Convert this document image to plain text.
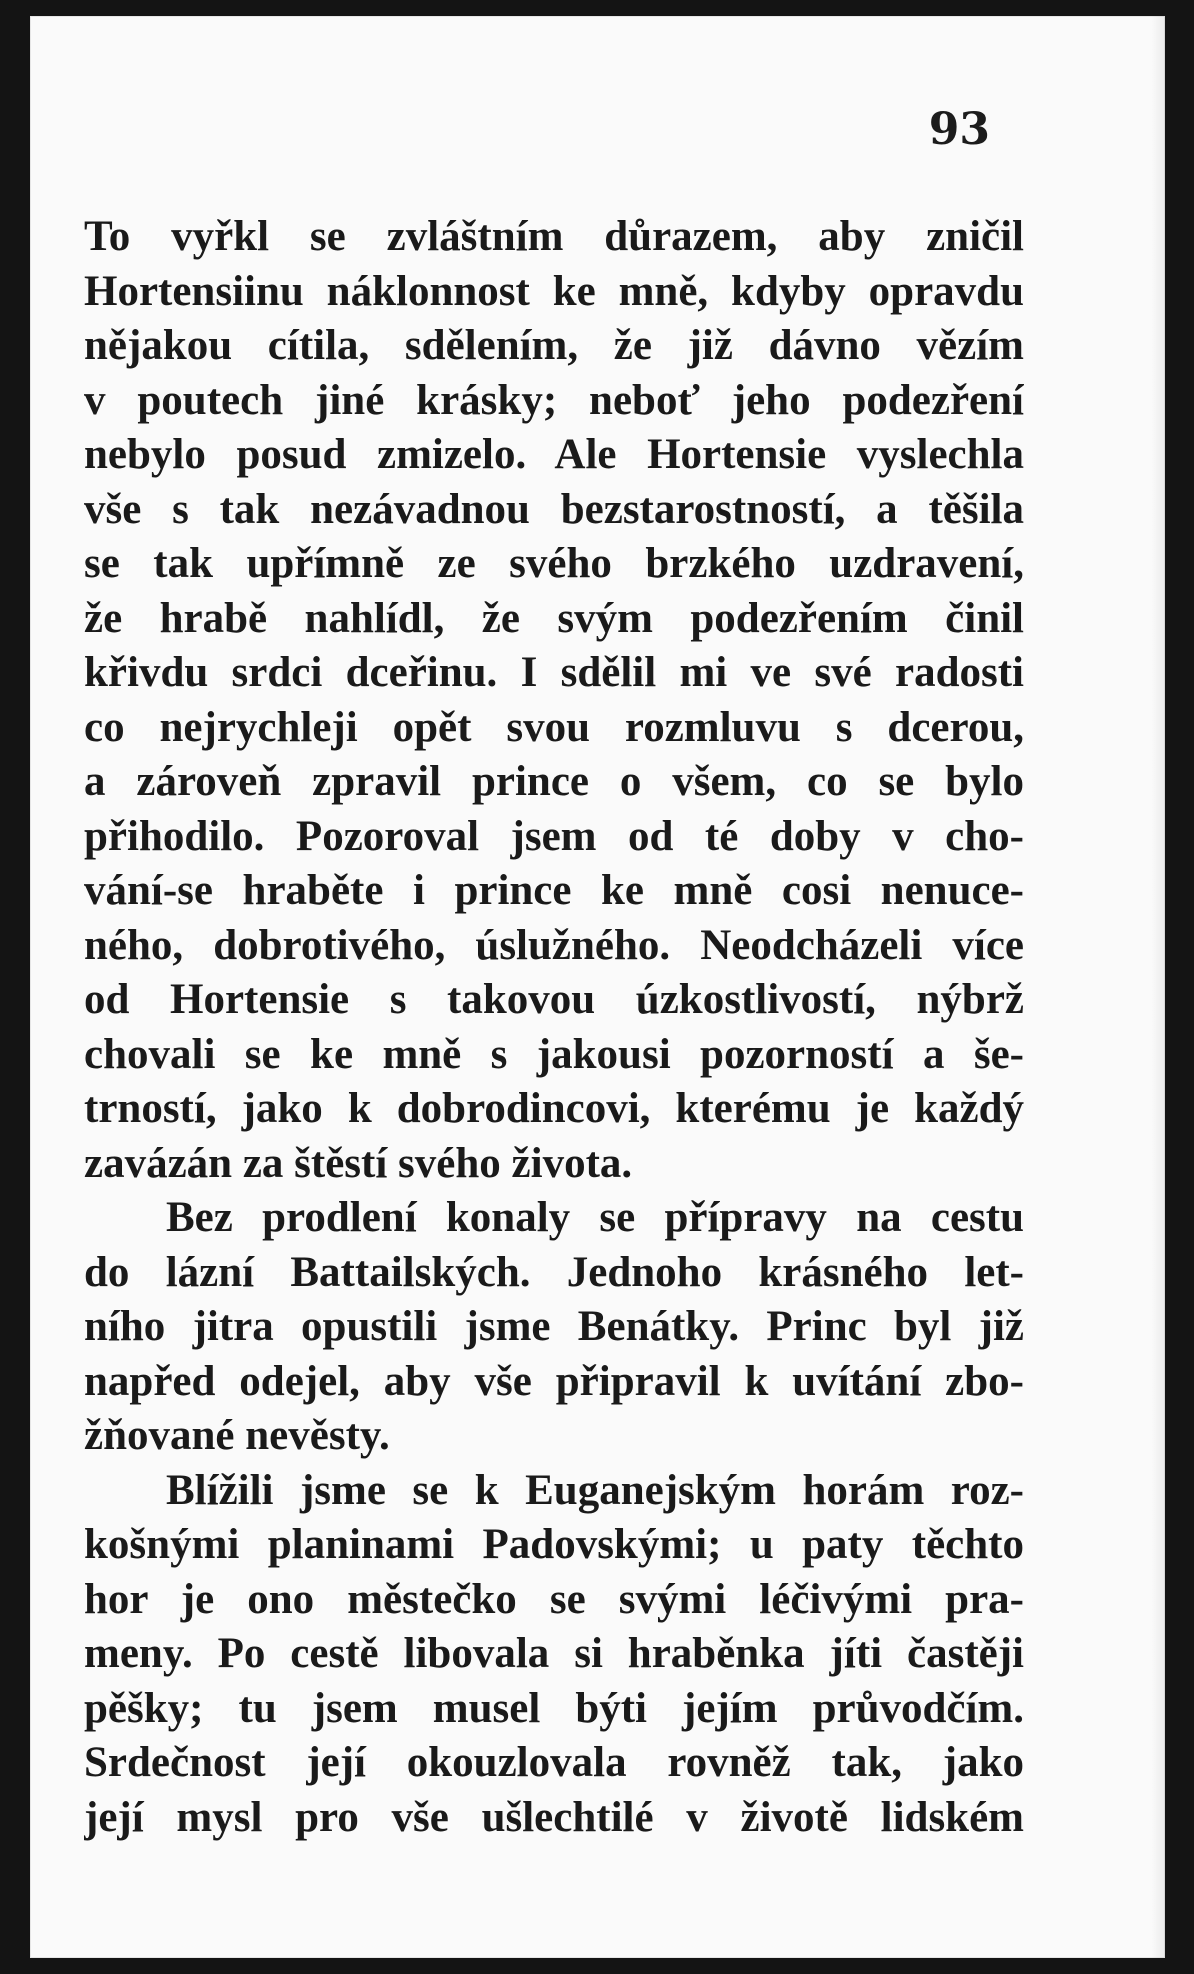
93
To vyřkl se zvláštním důrazem, aby zničil
Hortensiinu náklonnost ke mně, kdyby opravdu
nějakou cítila, sdělením, že již dávno vězím
v poutech jiné krásky; neboť jeho podezření
nebylo posud zmizelo. Ale Hortensie vyslechla
vše s tak nezávadnou bezstarostností, a těšila
se tak upřímně ze svého brzkého uzdravení,
že hrabě nahlídl, že svým podezřením činil
křivdu srdci dceřinu. I sdělil mi ve své radosti
co nejrychleji opět svou rozmluvu s dcerou,
a zároveň zpravil prince o všem, co se bylo
přihodilo. Pozoroval jsem od té doby v cho-
vání-se hraběte i prince ke mně cosi nenuce-
ného, dobrotivého, úslužného. Neodcházeli více
od Hortensie s takovou úzkostlivostí, nýbrž
chovali se ke mně s jakousi pozorností a še-
trností, jako k dobrodincovi, kterému je každý
zavázán za štěstí svého života.
Bez prodlení konaly se přípravy na cestu
do lázní Battailských. Jednoho krásného let-
ního jitra opustili jsme Benátky. Princ byl již
napřed odejel, aby vše připravil k uvítání zbo-
žňované nevěsty.
Blížili jsme se k Euganejským horám roz-
košnými planinami Padovskými; u paty těchto
hor je ono městečko se svými léčivými pra-
meny. Po cestě libovala si hraběnka jíti častěji
pěšky; tu jsem musel býti jejím průvodčím.
Srdečnost její okouzlovala rovněž tak, jako
její mysl pro vše ušlechtilé v životě lidském
